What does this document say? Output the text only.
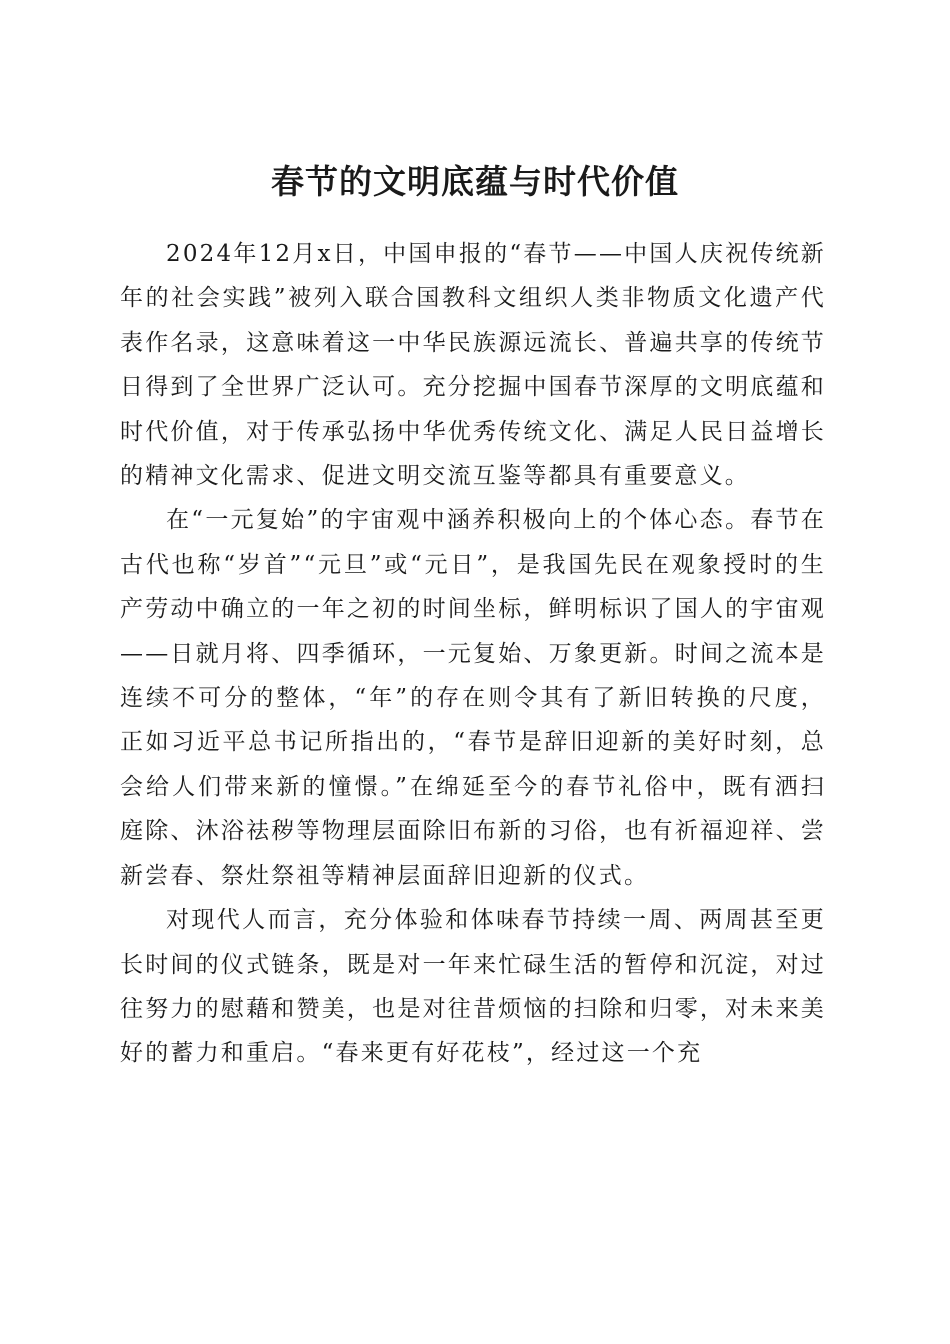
春节的文明底蕴与时代价值

2024年12月x日，中国申报的“春节——中国人庆祝传统新年的社会实践”被列入联合国教科文组织人类非物质文化遗产代表作名录，这意味着这一中华民族源远流长、普遍共享的传统节日得到了全世界广泛认可。充分挖掘中国春节深厚的文明底蕴和时代价值，对于传承弘扬中华优秀传统文化、满足人民日益增长的精神文化需求、促进文明交流互鉴等都具有重要意义。

在“一元复始”的宇宙观中涵养积极向上的个体心态。春节在古代也称“岁首”“元旦”或“元日”，是我国先民在观象授时的生产劳动中确立的一年之初的时间坐标，鲜明标识了国人的宇宙观——日就月将、四季循环，一元复始、万象更新。时间之流本是连续不可分的整体，“年”的存在则令其有了新旧转换的尺度，正如习近平总书记所指出的，“春节是辞旧迎新的美好时刻，总会给人们带来新的憧憬。”在绵延至今的春节礼俗中，既有洒扫庭除、沐浴祛秽等物理层面除旧布新的习俗，也有祈福迎祥、尝新尝春、祭灶祭祖等精神层面辞旧迎新的仪式。

对现代人而言，充分体验和体味春节持续一周、两周甚至更长时间的仪式链条，既是对一年来忙碌生活的暂停和沉淀，对过往努力的慰藉和赞美，也是对往昔烦恼的扫除和归零，对未来美好的蓄力和重启。“春来更有好花枝”，经过这一个充
